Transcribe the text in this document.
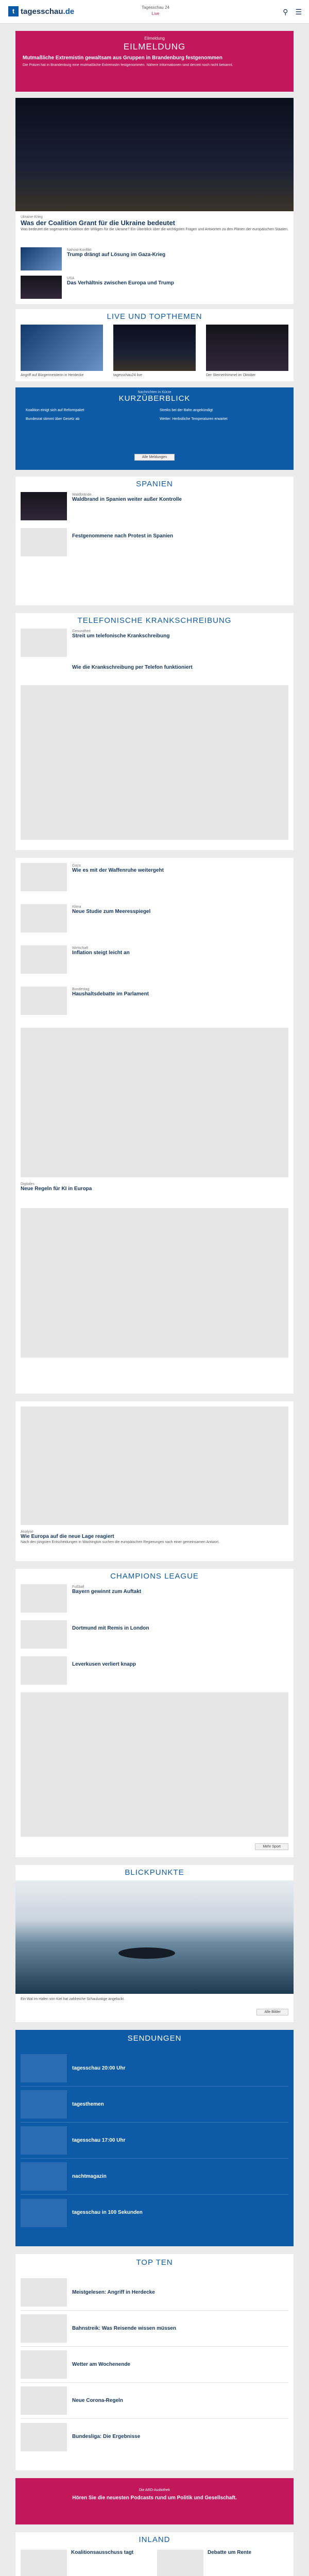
t tagesschau.de	Tagesschau 24
Live	⚲ ☰
Eilmeldung
EILMELDUNG
Mutmaßliche Extremistin gewaltsam aus Gruppen in Brandenburg festgenommen
Die Polizei hat in Brandenburg eine mutmaßliche Extremistin festgenommen. Nähere Informationen sind derzeit noch nicht bekannt.
Ukraine-Krieg
Was der Coalition Grant für die Ukraine bedeutet
Was bedeutet die sogenannte Koalition der Willigen für die Ukraine? Ein Überblick über die wichtigsten Fragen und Antworten zu den Plänen der europäischen Staaten.
Nahost-Konflikt
Trump drängt auf Lösung im Gaza-Krieg
USA
Das Verhältnis zwischen Europa und Trump
LIVE UND TOPTHEMEN
Angriff auf Bürgermeisterin in Herdecke	tagesschau24 live	Der Sternenhimmel im Oktober
Nachrichten in Kürze
KURZÜBERBLICK
Koalition einigt sich auf Reformpaket	Streiks bei der Bahn angekündigt
Bundesrat stimmt über Gesetz ab	Wetter: Herbstliche Temperaturen erwartet
Alle Meldungen
SPANIEN
Waldbrände
Waldbrand in Spanien weiter außer Kontrolle
Festgenommene nach Protest in Spanien
TELEFONISCHE KRANKSCHREIBUNG
Gesundheit
Streit um telefonische Krankschreibung
Wie die Krankschreibung per Telefon funktioniert
Gaza
Wie es mit der Waffenruhe weitergeht
Klima
Neue Studie zum Meeresspiegel
Wirtschaft
Inflation steigt leicht an
Bundestag
Haushaltsdebatte im Parlament
Digitales
Neue Regeln für KI in Europa
Analyse
Wie Europa auf die neue Lage reagiert
Nach den jüngsten Entscheidungen in Washington suchen die europäischen Regierungen nach einer gemeinsamen Antwort.
CHAMPIONS LEAGUE
Fußball
Bayern gewinnt zum Auftakt
Dortmund mit Remis in London
Leverkusen verliert knapp
Mehr Sport
BLICKPUNKTE
Ein Wal im Hafen von Kiel hat zahlreiche Schaulustige angelockt.
Alle Bilder
SENDUNGEN
tagesschau 20:00 Uhr
tagesthemen
tagesschau 17:00 Uhr
nachtmagazin
tagesschau in 100 Sekunden
TOP TEN
Meistgelesen: Angriff in Herdecke
Bahnstreik: Was Reisende wissen müssen
Wetter am Wochenende
Neue Corona-Regeln
Bundesliga: Die Ergebnisse
Die ARD-Audiothek
Hören Sie die neuesten Podcasts rund um Politik und Gesellschaft.
INLAND
Koalitionsausschuss tagt	Debatte um Rente
